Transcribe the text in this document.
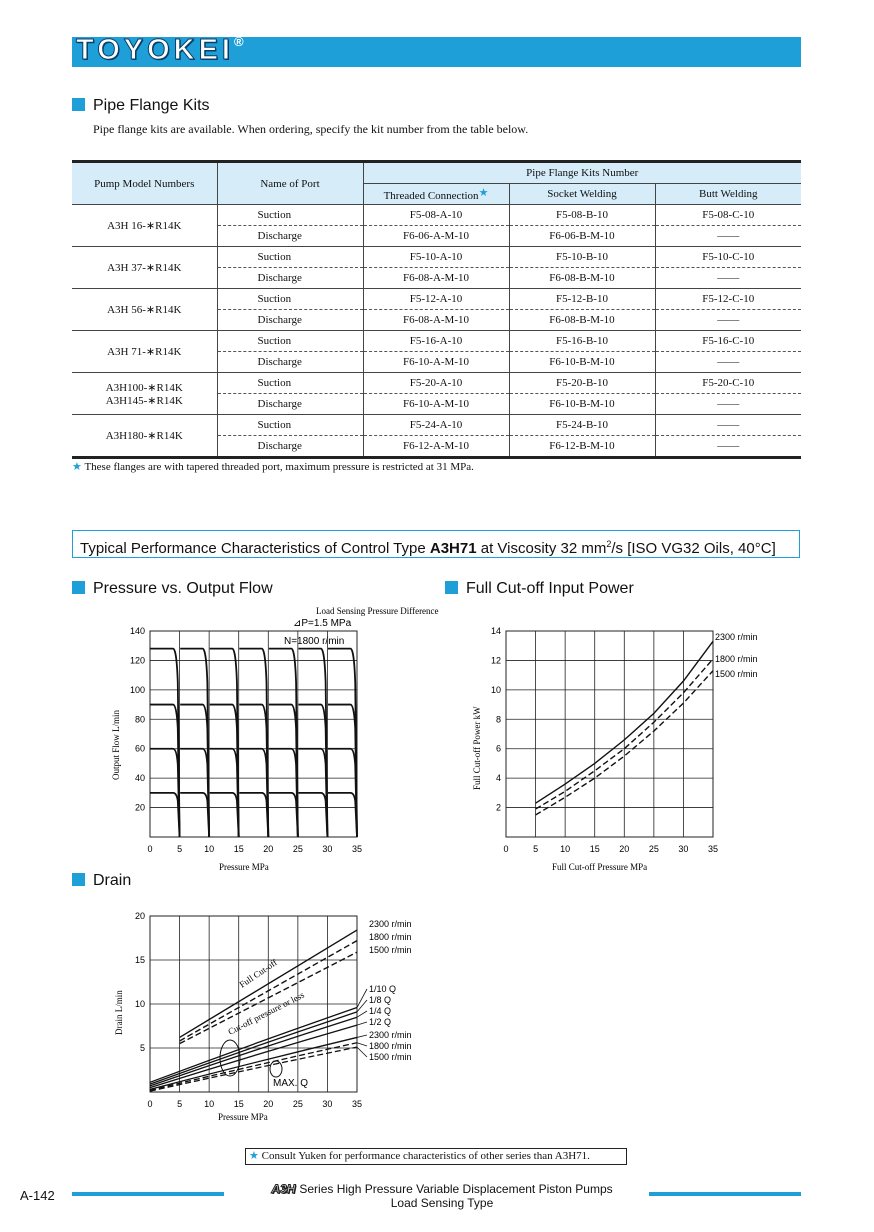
TOYOKEI®
Pipe Flange Kits
Pipe flange kits are available. When ordering, specify the kit number from the table below.
Pump Model Numbers	Name of Port	Pipe Flange Kits Number		
		Threaded Connection★	Socket Welding	Butt Welding

A3H 16-∗R14K	Suction	F5-08-A-10	F5-08-B-10	F5-08-C-10
	Discharge	F6-06-A-M-10	F6-06-B-M-10	——

A3H 37-∗R14K	Suction	F5-10-A-10	F5-10-B-10	F5-10-C-10
	Discharge	F6-08-A-M-10	F6-08-B-M-10	——

A3H 56-∗R14K	Suction	F5-12-A-10	F5-12-B-10	F5-12-C-10
	Discharge	F6-08-A-M-10	F6-08-B-M-10	——

A3H 71-∗R14K	Suction	F5-16-A-10	F5-16-B-10	F5-16-C-10
	Discharge	F6-10-A-M-10	F6-10-B-M-10	——

A3H100-∗R14K
A3H145-∗R14K	Suction	F5-20-A-10	F5-20-B-10	F5-20-C-10
	Discharge	F6-10-A-M-10	F6-10-B-M-10	——

A3H180-∗R14K	Suction	F5-24-A-10	F5-24-B-10	——
	Discharge	F6-12-A-M-10	F6-12-B-M-10	——
★ These flanges are with tapered threaded port, maximum pressure is restricted at 31 MPa.
Typical Performance Characteristics of Control Type A3H71 at Viscosity 32 $mm^2/s$ [ISO VG32 Oils, 40°C]
Pressure vs. Output Flow	Full Cut-off Input Power
Drain
Load Sensing Pressure Difference
⊿P=1.5 MPa
N=1800 r/min
Pressure MPa
Output Flow L/min
0	5 10 15 20 25 30 35
20
40
60
80
100
120
140
Full Cut-off Pressure MPa
Full Cut-off Power kW
0	5 10 15 20 25 30 35
2
4
6
8
10
12
14
2300 r/min
1800 r/min
1500 r/min
Pressure MPa
Drain L/min
Full Cut-off
Cut-off pressure or less
MAX. Q
0	5 10 15 20 25 30 35
5
10
15
20
2300 r/min
1800 r/min
1500 r/min
1/10 Q
1/8 Q
1/4 Q
1/2 Q
2300 r/min
1800 r/min
1500 r/min
★ Consult Yuken for performance characteristics of other series than A3H71.
A-142	A3H Series High Pressure Variable Displacement Piston Pumps
Load Sensing Type
